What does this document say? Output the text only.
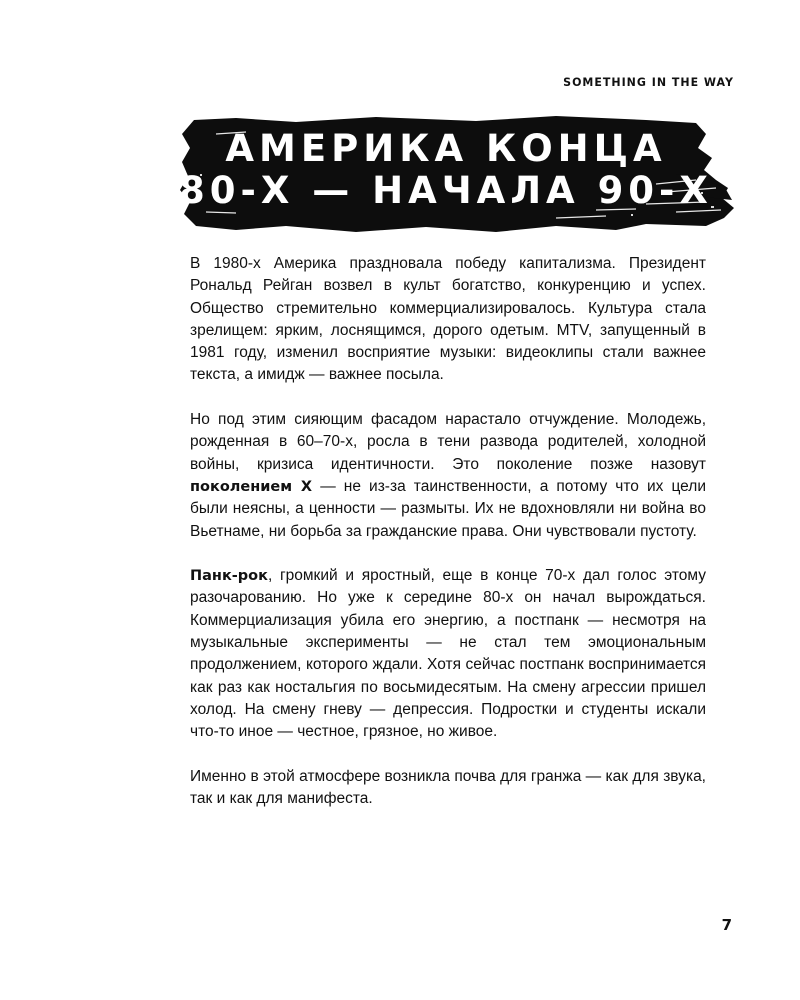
SOMETHING IN THE WAY
АМЕРИКА КОНЦА
80-Х — НАЧАЛА 90-Х

В 1980-х Америка праздновала победу капитализма. Президент Рональд Рейган возвел в культ богатство, конкуренцию и успех. Общество стремительно коммерциализировалось. Культура стала зрелищем: ярким, лоснящимся, дорого одетым. MTV, запущенный в 1981 году, изменил восприятие музыки: видеоклипы стали важнее текста, а имидж — важнее посыла.

Но под этим сияющим фасадом нарастало отчуждение. Молодежь, рожденная в 60–70-х, росла в тени развода родителей, холодной войны, кризиса идентичности. Это поколение позже назовут поколением X — не из-за таинственности, а потому что их цели были неясны, а ценности — размыты. Их не вдохновляли ни война во Вьетнаме, ни борьба за гражданские права. Они чувствовали пустоту.

Панк-рок, громкий и яростный, еще в конце 70-х дал голос этому разочарованию. Но уже к середине 80-х он начал вырождаться. Коммерциализация убила его энергию, а постпанк — несмотря на музыкальные эксперименты — не стал тем эмоциональным продолжением, которого ждали. Хотя сейчас постпанк воспринимается как раз как ностальгия по восьмидесятым. На смену агрессии пришел холод. На смену гневу — депрессия. Подростки и студенты искали что-то иное — честное, грязное, но живое.

Именно в этой атмосфере возникла почва для гранжа — как для звука, так и как для манифеста.

7
